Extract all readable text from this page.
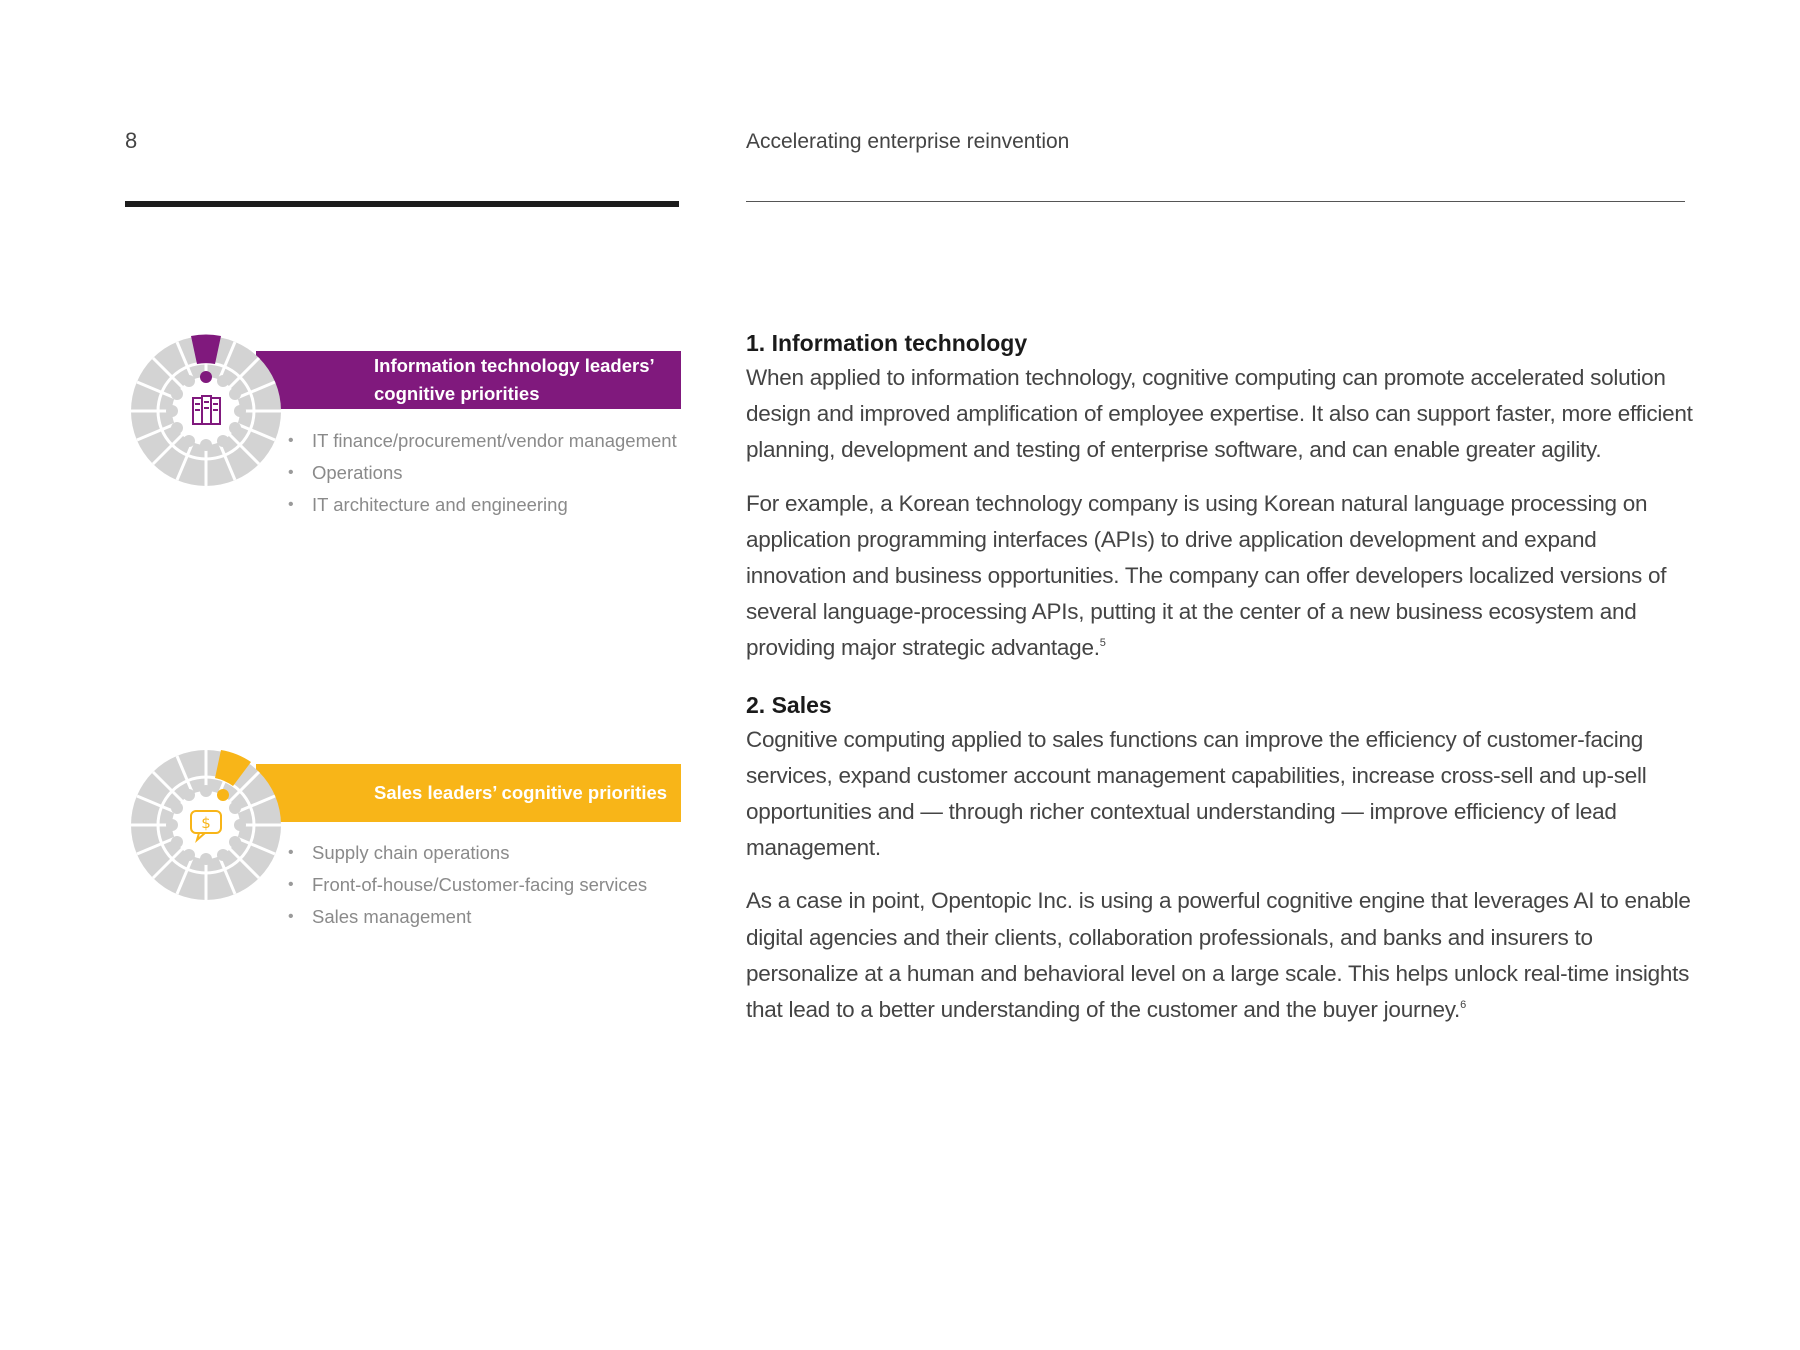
8	Accelerating enterprise reinvention
Information technology leaders’
cognitive priorities
• IT finance/procurement/vendor management
• Operations
• IT architecture and engineering
$
Sales leaders’ cognitive priorities
• Supply chain operations
• Front-of-house/Customer-facing services
• Sales management
1. Information technology

When applied to information technology, cognitive computing can promote accelerated solution design and improved amplification of employee expertise. It also can support faster, more efficient planning, development and testing of enterprise software, and can enable greater agility.

For example, a Korean technology company is using Korean natural language processing on application programming interfaces (APIs) to drive application development and expand innovation and business opportunities. The company can offer developers localized versions of several language-processing APIs, putting it at the center of a new business ecosystem and providing major strategic advantage.$^5$

2. Sales

Cognitive computing applied to sales functions can improve the efficiency of customer-facing services, expand customer account management capabilities, increase cross-sell and up-sell opportunities and — through richer contextual understanding — improve efficiency of lead management.

As a case in point, Opentopic Inc. is using a powerful cognitive engine that leverages AI to enable digital agencies and their clients, collaboration professionals, and banks and insurers to personalize at a human and behavioral level on a large scale. This helps unlock real-time insights that lead to a better understanding of the customer and the buyer journey.$^6$
